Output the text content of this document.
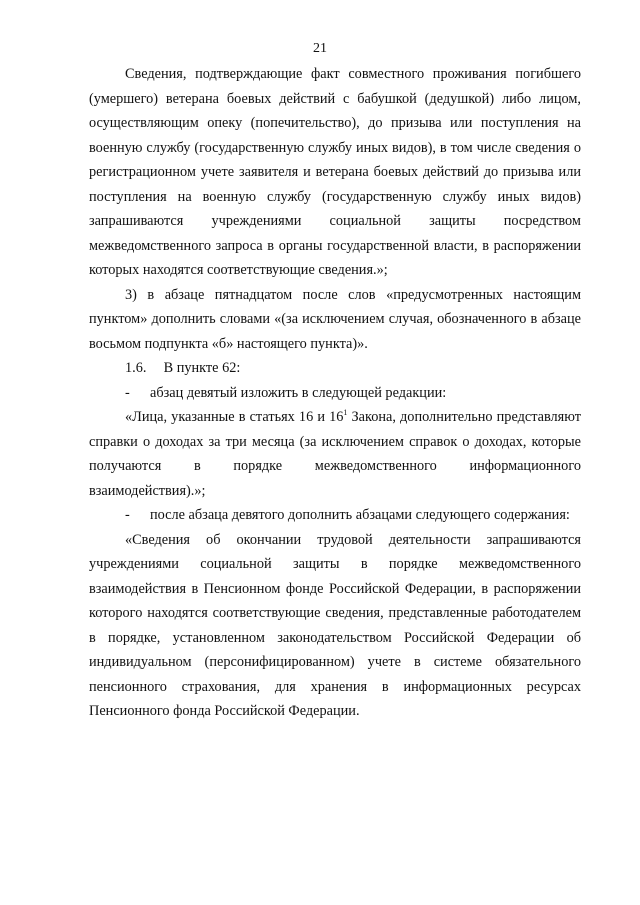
21

Сведения, подтверждающие факт совместного проживания погибшего (умершего) ветерана боевых действий с бабушкой (дедушкой) либо лицом, осуществляющим опеку (попечительство), до призыва или поступления на военную службу (государственную службу иных видов), в том числе сведения о регистрационном учете заявителя и ветерана боевых действий до призыва или поступления на военную службу (государственную службу иных видов) запрашиваются учреждениями социальной защиты посредством межведомственного запроса в органы государственной власти, в распоряжении которых находятся соответствующие сведения.»;

3) в абзаце пятнадцатом после слов «предусмотренных настоящим пунктом» дополнить словами «(за исключением случая, обозначенного в абзаце восьмом подпункта «б» настоящего пункта)».

1.6. В пункте 62:

- абзац девятый изложить в следующей редакции:

«Лица, указанные в статьях 16 и $16^1$ Закона, дополнительно представляют справки о доходах за три месяца (за исключением справок о доходах, которые получаются в порядке межведомственного информационного взаимодействия).»;

- после абзаца девятого дополнить абзацами следующего содержания:

«Сведения об окончании трудовой деятельности запрашиваются учреждениями социальной защиты в порядке межведомственного взаимодействия в Пенсионном фонде Российской Федерации, в распоряжении которого находятся соответствующие сведения, представленные работодателем в порядке, установленном законодательством Российской Федерации об индивидуальном (персонифицированном) учете в системе обязательного пенсионного страхования, для хранения в информационных ресурсах Пенсионного фонда Российской Федерации.
